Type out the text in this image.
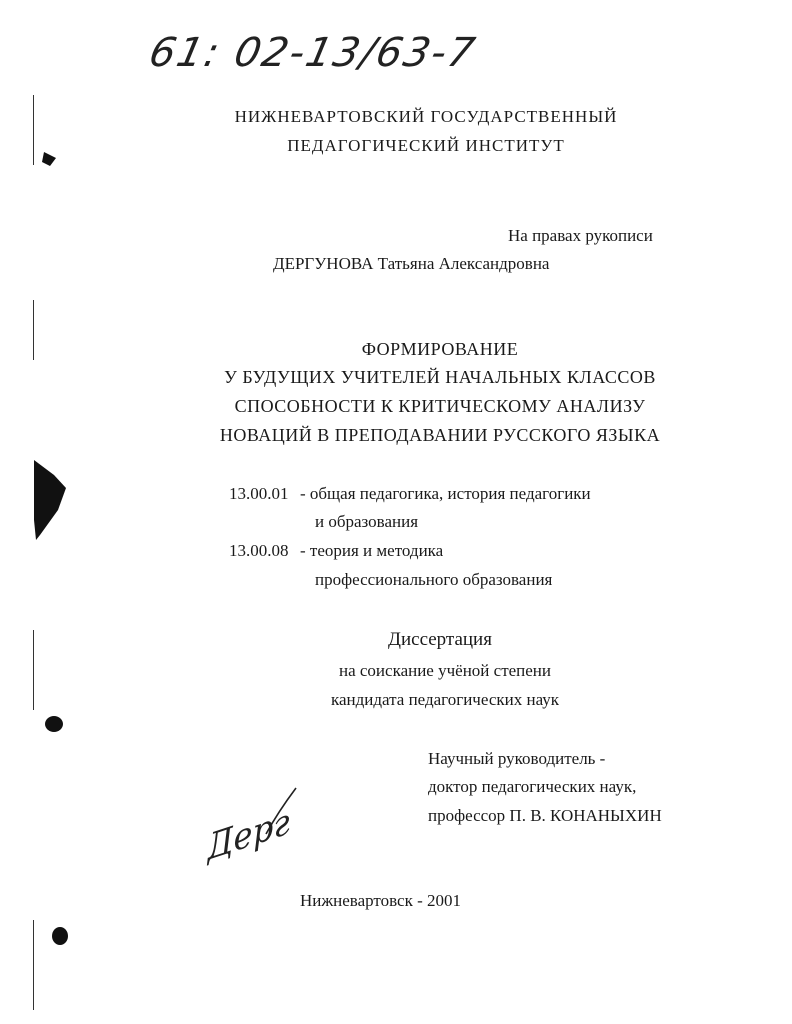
61: 02-13/63-7
НИЖНЕВАРТОВСКИЙ ГОСУДАРСТВЕННЫЙ
ПЕДАГОГИЧЕСКИЙ ИНСТИТУТ
На правах рукописи
ДЕРГУНОВА Татьяна Александровна
ФОРМИРОВАНИЕ
У БУДУЩИХ УЧИТЕЛЕЙ НАЧАЛЬНЫХ КЛАССОВ
СПОСОБНОСТИ К КРИТИЧЕСКОМУ АНАЛИЗУ
НОВАЦИЙ В ПРЕПОДАВАНИИ РУССКОГО ЯЗЫКА
13.00.01 - общая педагогика, история педагогики
и образования
13.00.08 - теория и методика
профессионального образования
Диссертация
на соискание учёной степени
кандидата педагогических наук
Научный руководитель -
доктор педагогических наук,
профессор П. В. КОНАНЫХИН
Дерг
Нижневартовск - 2001
